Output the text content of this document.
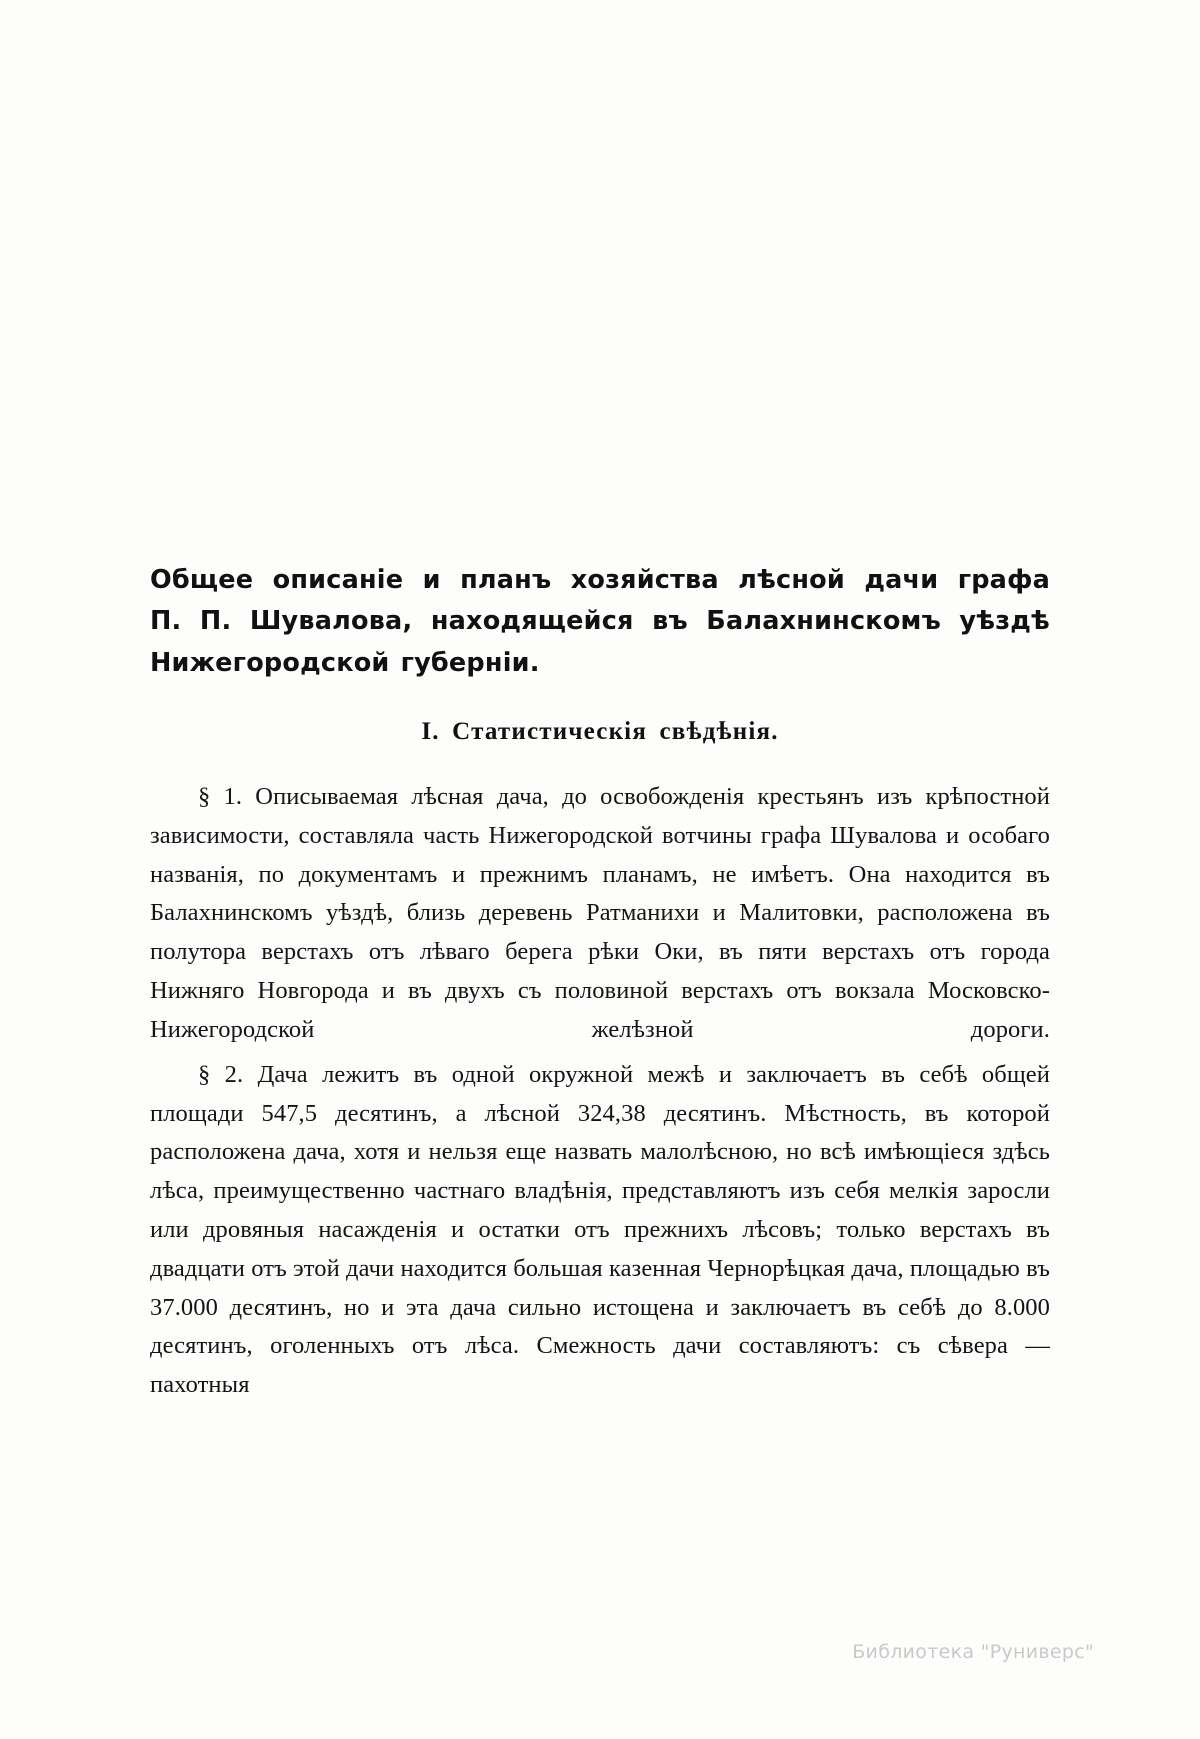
Общее описаніе и планъ хозяйства лѣсной дачи графа
П. П. Шувалова, находящейся въ Балахнинскомъ уѣздѣ
Нижегородской губерніи.
I. Статистическія свѣдѣнія.

§ 1. Описываемая лѣсная дача, до освобожденія крестьянъ изъ крѣпостной зависимости, составляла часть Нижегородской вотчины графа Шувалова и особаго названія, по документамъ и прежнимъ планамъ, не имѣетъ. Она находится въ Балахнинскомъ уѣздѣ, близь деревень Ратманихи и Малитовки, расположена въ полутора верстахъ отъ лѣваго берега рѣки Оки, въ пяти верстахъ отъ города Нижняго Новгорода и въ двухъ съ половиной верстахъ отъ вокзала Московско-Нижегородской желѣзной дороги.

§ 2. Дача лежитъ въ одной окружной межѣ и заключаетъ въ себѣ общей площади 547,5 десятинъ, а лѣсной 324,38 десятинъ. Мѣстность, въ которой расположена дача, хотя и нельзя еще назвать малолѣсною, но всѣ имѣющіеся здѣсь лѣса, преимущественно частнаго владѣнія, представляютъ изъ себя мелкія заросли или дровяныя насажденія и остатки отъ прежнихъ лѣсовъ; только верстахъ въ двадцати отъ этой дачи находится большая казенная Чернорѣцкая дача, площадью въ 37.000 десятинъ, но и эта дача сильно истощена и заключаетъ въ себѣ до 8.000 десятинъ, оголенныхъ отъ лѣса. Смежность дачи составляютъ: съ сѣвера — пахотныя

Библиотека "Руниверс"
